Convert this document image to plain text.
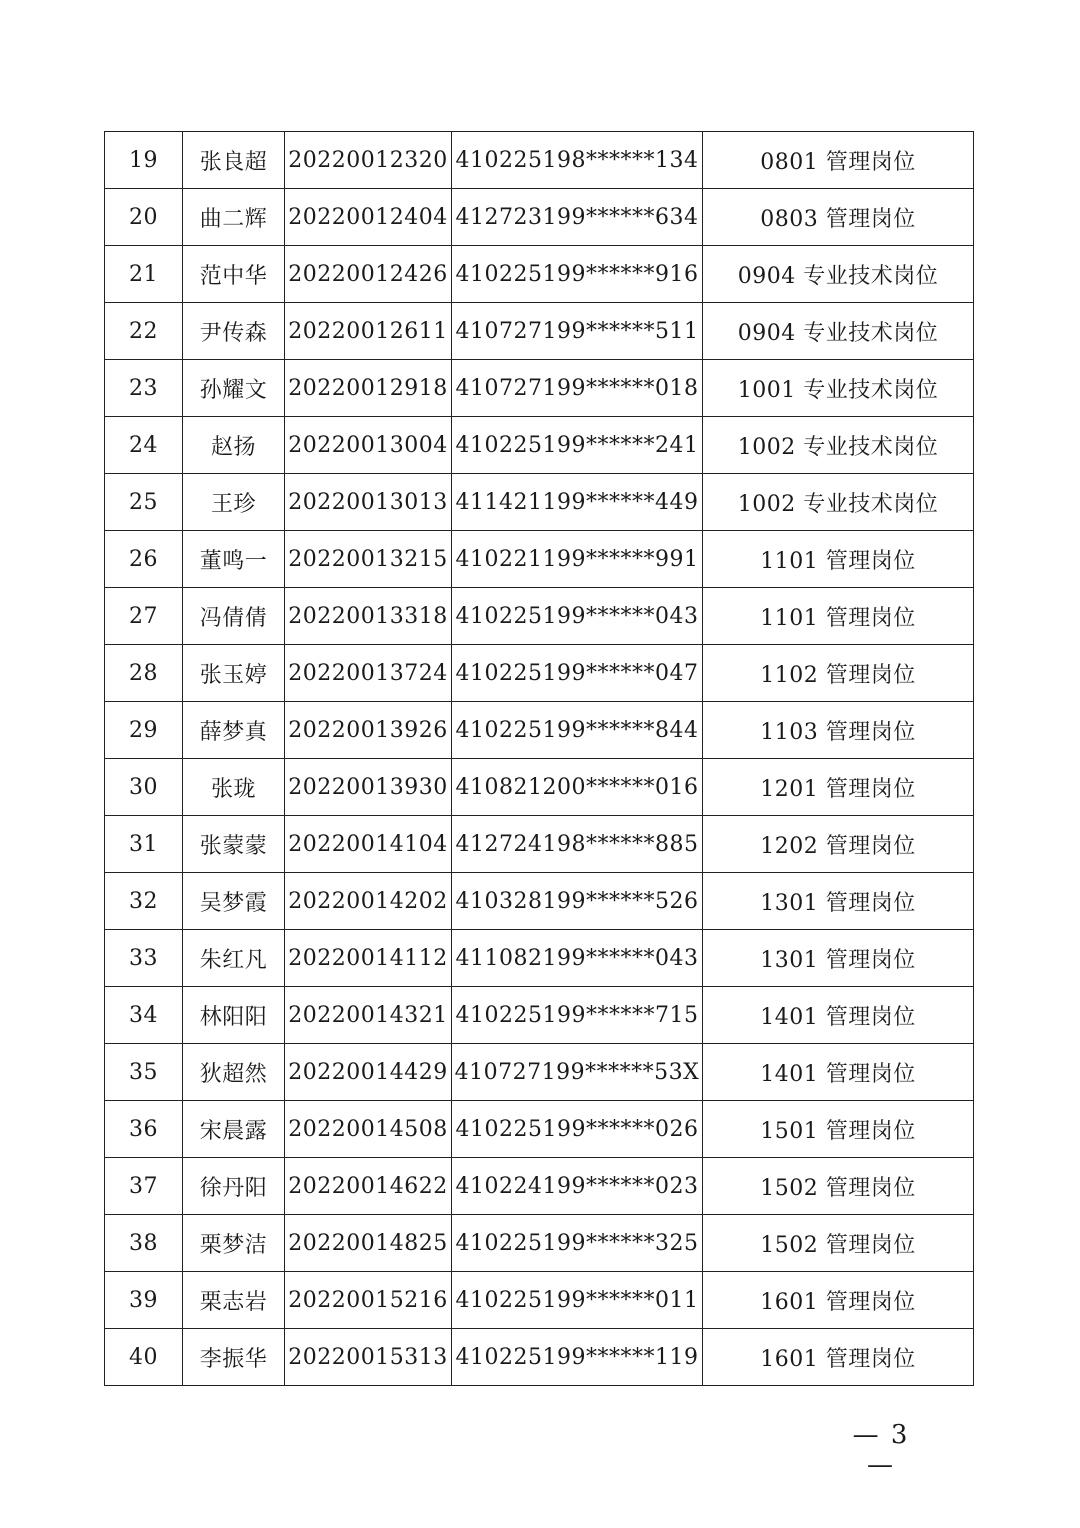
19	张良超	20220012320	410225198******134	0801 管理岗位
20	曲二辉	20220012404	412723199******634	0803 管理岗位
21	范中华	20220012426	410225199******916	0904 专业技术岗位
22	尹传森	20220012611	410727199******511	0904 专业技术岗位
23	孙耀文	20220012918	410727199******018	1001 专业技术岗位
24	赵扬	20220013004	410225199******241	1002 专业技术岗位
25	王珍	20220013013	411421199******449	1002 专业技术岗位
26	董鸣一	20220013215	410221199******991	1101 管理岗位
27	冯倩倩	20220013318	410225199******043	1101 管理岗位
28	张玉婷	20220013724	410225199******047	1102 管理岗位
29	薛梦真	20220013926	410225199******844	1103 管理岗位
30	张珑	20220013930	410821200******016	1201 管理岗位
31	张蒙蒙	20220014104	412724198******885	1202 管理岗位
32	吴梦霞	20220014202	410328199******526	1301 管理岗位
33	朱红凡	20220014112	411082199******043	1301 管理岗位
34	林阳阳	20220014321	410225199******715	1401 管理岗位
35	狄超然	20220014429	410727199******53X	1401 管理岗位
36	宋晨露	20220014508	410225199******026	1501 管理岗位
37	徐丹阳	20220014622	410224199******023	1502 管理岗位
38	栗梦洁	20220014825	410225199******325	1502 管理岗位
39	栗志岩	20220015216	410225199******011	1601 管理岗位
40	李振华	20220015313	410225199******119	1601 管理岗位
— 3 —
